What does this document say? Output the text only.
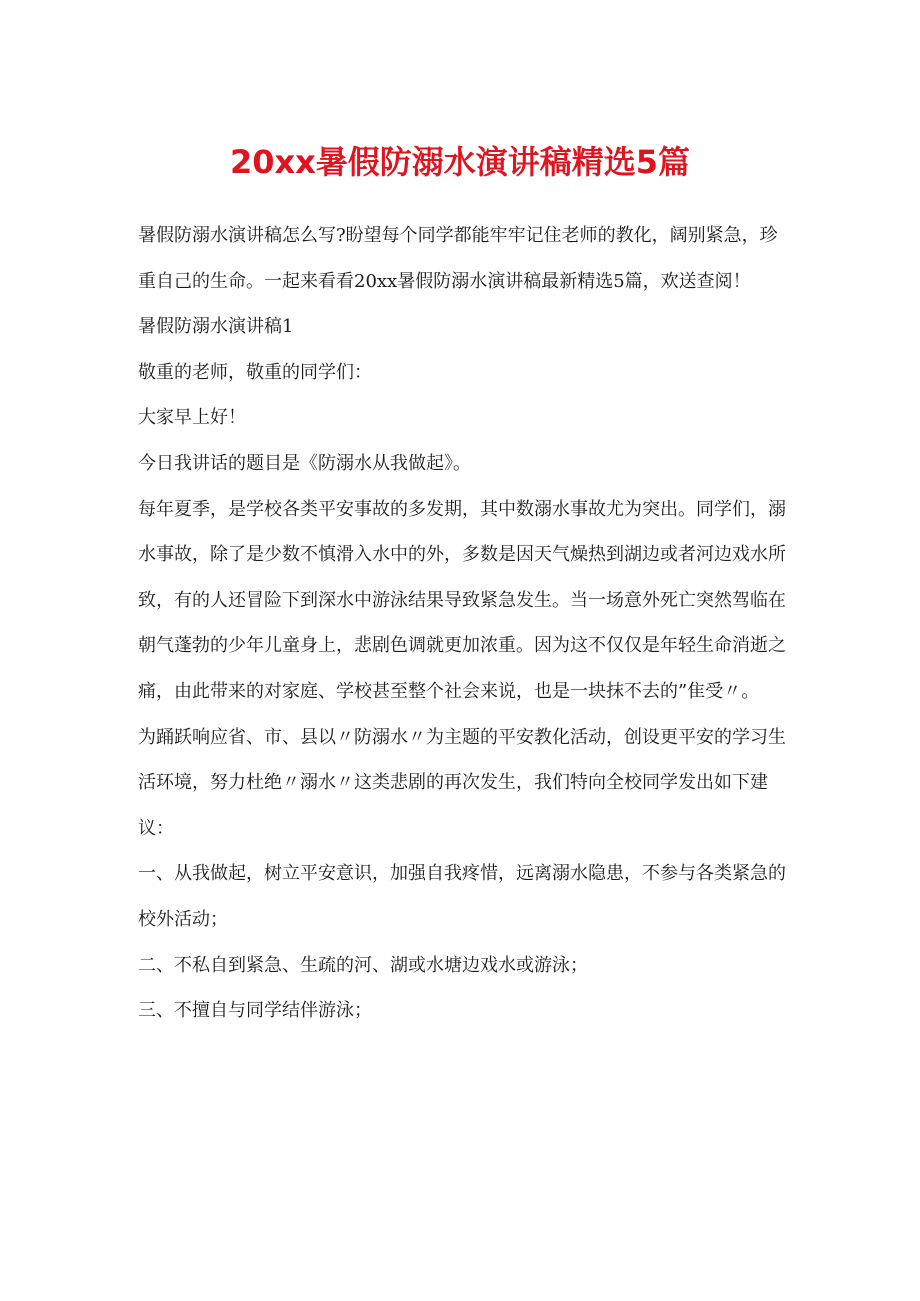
20xx暑假防溺水演讲稿精选5篇

暑假防溺水演讲稿怎么写?盼望每个同学都能牢牢记住老师的教化，阔别紧急，珍重自己的生命。一起来看看20xx暑假防溺水演讲稿最新精选5篇，欢送查阅！

暑假防溺水演讲稿1

敬重的老师，敬重的同学们：

大家早上好！

今日我讲话的题目是《防溺水从我做起》。

每年夏季，是学校各类平安事故的多发期，其中数溺水事故尤为突出。同学们，溺水事故，除了是少数不慎滑入水中的外，多数是因天气燥热到湖边或者河边戏水所致，有的人还冒险下到深水中游泳结果导致紧急发生。当一场意外死亡突然驾临在朝气蓬勃的少年儿童身上，悲剧色调就更加浓重。因为这不仅仅是年轻生命消逝之痛，由此带来的对家庭、学校甚至整个社会来说，也是一块抹不去的”隹受〃。

为踊跃响应省、市、县以〃防溺水〃为主题的平安教化活动，创设更平安的学习生活环境，努力杜绝〃溺水〃这类悲剧的再次发生，我们特向全校同学发出如下建议：

一、从我做起，树立平安意识，加强自我疼惜，远离溺水隐患，不参与各类紧急的校外活动；

二、不私自到紧急、生疏的河、湖或水塘边戏水或游泳；

三、不擅自与同学结伴游泳；
